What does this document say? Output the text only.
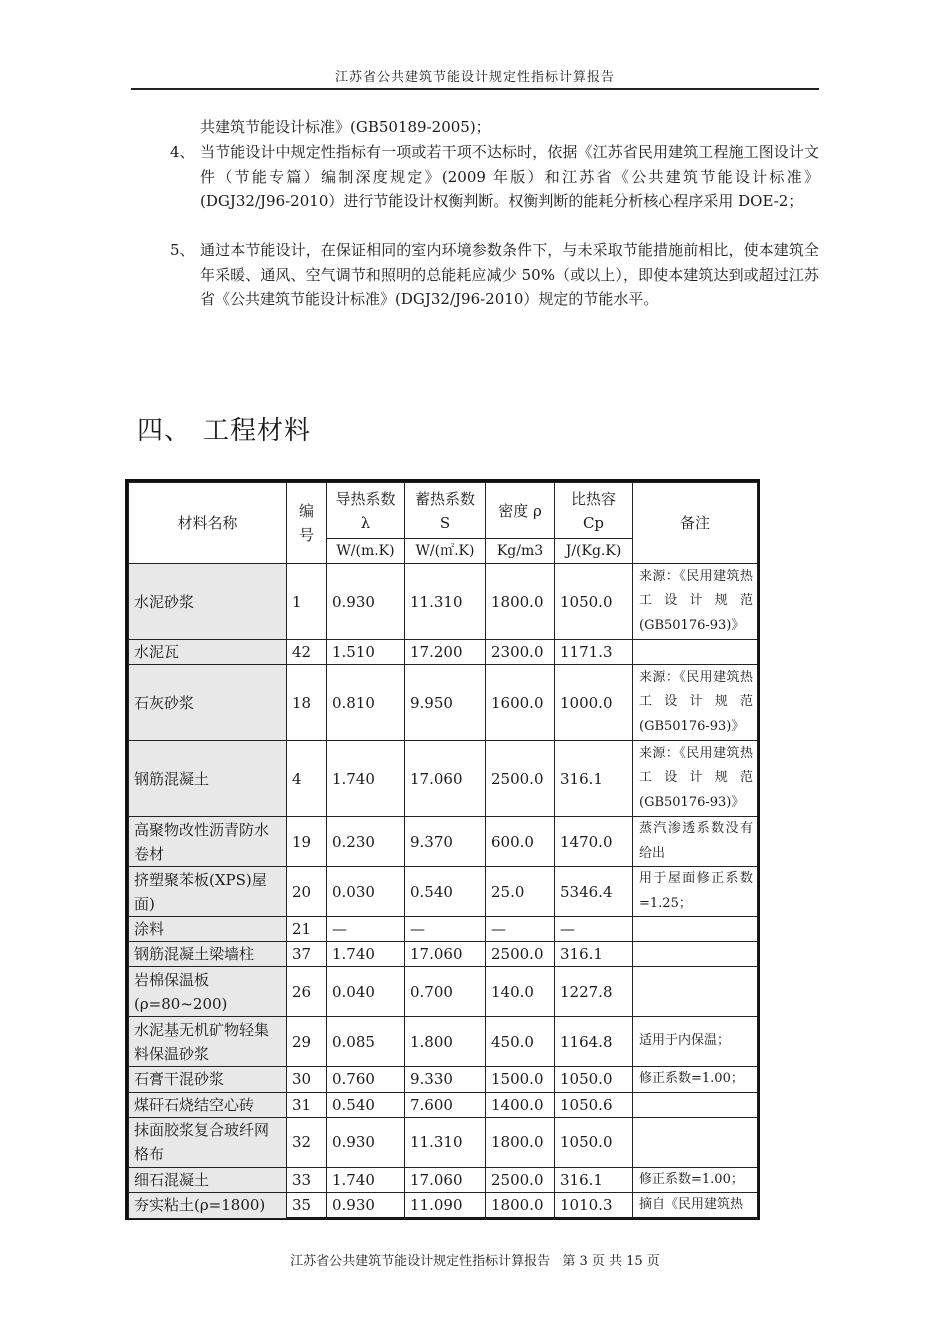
江苏省公共建筑节能设计规定性指标计算报告
共建筑节能设计标准》(GB50189-2005)；
4、 当节能设计中规定性指标有一项或若干项不达标时，依据《江苏省民用建筑工程施工图设计文件（节能专篇）编制深度规定》(2009 年版）和江苏省《公共建筑节能设计标准》(DGJ32/J96-2010）进行节能设计权衡判断。权衡判断的能耗分析核心程序采用 DOE-2；
5、 通过本节能设计，在保证相同的室内环境参数条件下，与未采取节能措施前相比，使本建筑全年采暖、通风、空气调节和照明的总能耗应减少 50%（或以上），即使本建筑达到或超过江苏省《公共建筑节能设计标准》(DGJ32/J96-2010）规定的节能水平。
四、 工程材料
材料名称	编号	导热系数 λ	蓄热系数 S	密度 ρ	比热容 Cp	备注
		W/(m.K)	W/(㎡.K)	Kg/m3	J/(Kg.K)	
水泥砂浆	1	0.930	11.310	1800.0	1050.0	来源：《民用建筑热工设计规范(GB50176-93)》
水泥瓦	42	1.510	17.200	2300.0	1171.3	
石灰砂浆	18	0.810	9.950	1600.0	1000.0	来源：《民用建筑热工设计规范(GB50176-93)》
钢筋混凝土	4	1.740	17.060	2500.0	316.1	来源：《民用建筑热工设计规范(GB50176-93)》
高聚物改性沥青防水卷材	19	0.230	9.370	600.0	1470.0	蒸汽渗透系数没有给出
挤塑聚苯板(XPS)屋面)	20	0.030	0.540	25.0	5346.4	用于屋面修正系数=1.25；
涂料	21	—	—	—	—	
钢筋混凝土梁墙柱	37	1.740	17.060	2500.0	316.1	
岩棉保温板(ρ=80~200)	26	0.040	0.700	140.0	1227.8	
水泥基无机矿物轻集料保温砂浆	29	0.085	1.800	450.0	1164.8	适用于内保温；
石膏干混砂浆	30	0.760	9.330	1500.0	1050.0	修正系数=1.00；
煤矸石烧结空心砖	31	0.540	7.600	1400.0	1050.6	
抹面胶浆复合玻纤网格布	32	0.930	11.310	1800.0	1050.0	
细石混凝土	33	1.740	17.060	2500.0	316.1	修正系数=1.00；
夯实粘土(ρ=1800)	35	0.930	11.090	1800.0	1010.3	摘自《民用建筑热
江苏省公共建筑节能设计规定性指标计算报告 第 3 页 共 15 页
